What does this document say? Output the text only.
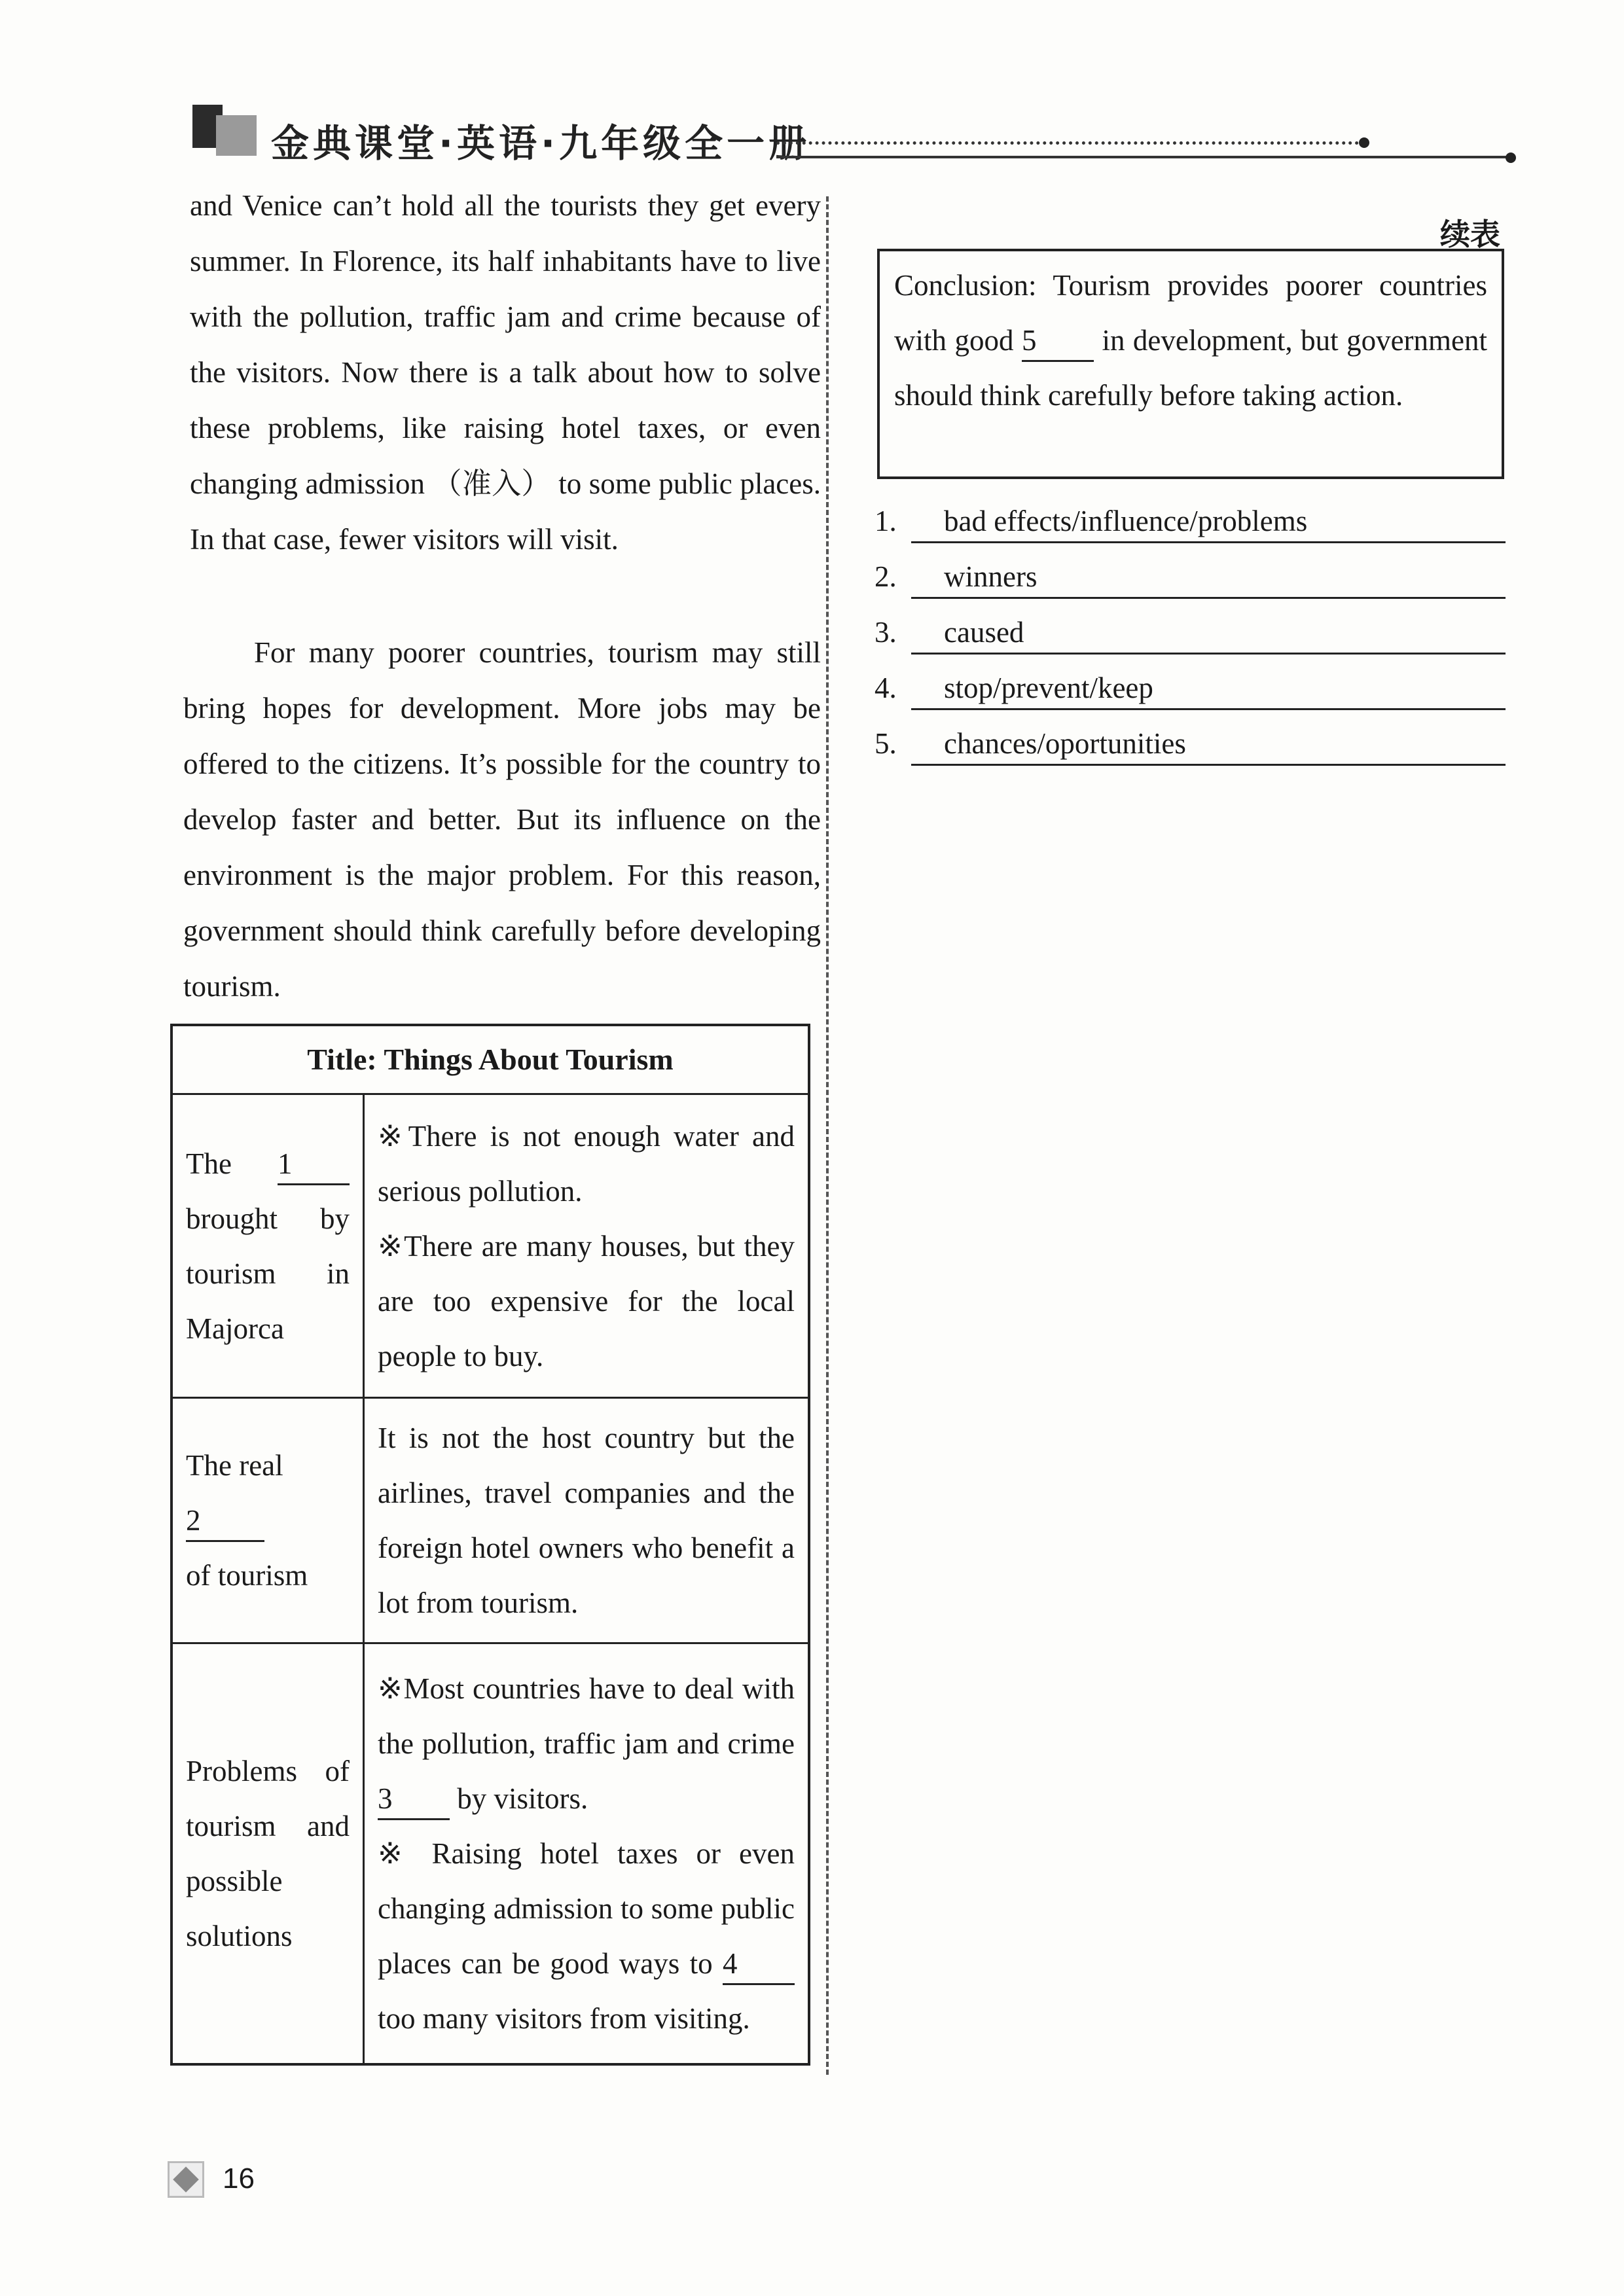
金典课堂·英语·九年级全一册

and Venice can’t hold all the tourists they get every summer. In Florence, its half inhabitants have to live with the pollution, traffic jam and crime because of the visitors. Now there is a talk about how to solve these problems, like raising hotel taxes, or even changing admission （准入） to some public places. In that case, fewer visitors will visit.

For many poorer countries, tourism may still bring hopes for development. More jobs may be offered to the citizens. It’s possible for the country to develop faster and better. But its influence on the environment is the major problem. For this reason, government should think carefully before developing tourism.

Title: Things About Tourism	
The 1 brought by tourism in Majorca	※There is not enough water and serious pollution.
※There are many houses, but they are too expensive for the local people to buy.

The real
2
of tourism	It is not the host country but the airlines, travel companies and the foreign hotel owners who benefit a lot from tourism.
Problems of tourism and possible solutions	※Most countries have to deal with the pollution, traffic jam and crime 3 by visitors.
※ Raising hotel taxes or even changing admission to some public places can be good ways to 4 too many visitors from visiting.
续表
Conclusion: Tourism provides poorer countries with good 5 in development, but government should think carefully before taking action.
1.	bad effects/influence/problems
2.	winners
3.	caused
4.	stop/prevent/keep
5.	chances/oportunities
16
